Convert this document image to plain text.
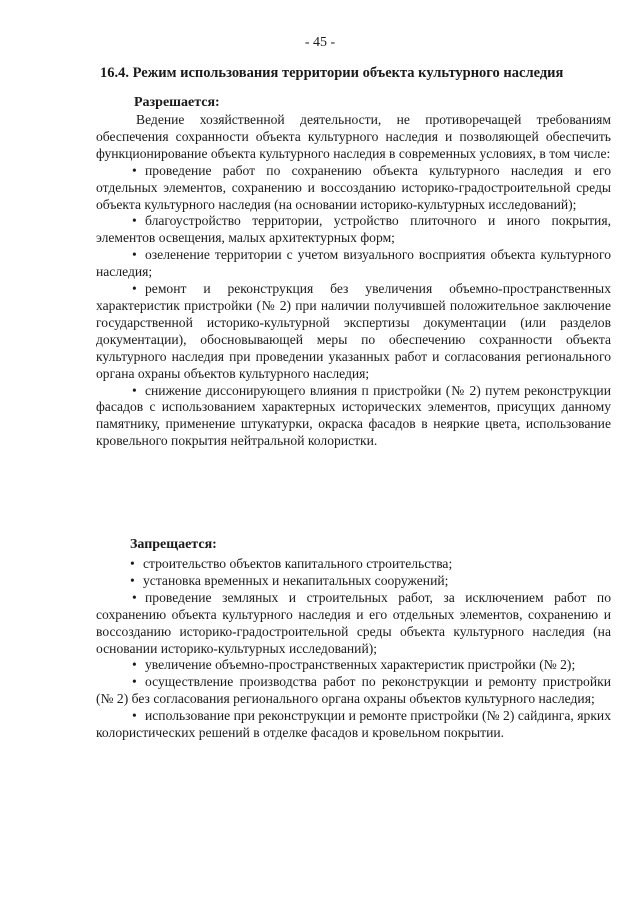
- 45 -
16.4. Режим использования территории объекта культурного наследия
Разрешается:

Ведение хозяйственной деятельности, не противоречащей требованиям обеспечения сохранности объекта культурного наследия и позволяющей обеспечить функционирование объекта культурного наследия в современных условиях, в том числе:

• проведение работ по сохранению объекта культурного наследия и его отдельных элементов, сохранению и воссозданию историко-градостроительной среды объекта культурного наследия (на основании историко-культурных исследований);

• благоустройство территории, устройство плиточного и иного покрытия, элементов освещения, малых архитектурных форм;

• озеленение территории с учетом визуального восприятия объекта культурного наследия;

• ремонт и реконструкция без увеличения объемно-пространственных характеристик пристройки (№ 2) при наличии получившей положительное заключение государственной историко-культурной экспертизы документации (или разделов документации), обосновывающей меры по обеспечению сохранности объекта культурного наследия при проведении указанных работ и согласования регионального органа охраны объектов культурного наследия;

• снижение диссонирующего влияния п пристройки (№ 2) путем реконструкции фасадов с использованием характерных исторических элементов, присущих данному памятнику, применение штукатурки, окраска фасадов в неяркие цвета, использование кровельного покрытия нейтральной колористки.

Запрещается:

• строительство объектов капитального строительства;

• установка временных и некапитальных сооружений;

• проведение земляных и строительных работ, за исключением работ по сохранению объекта культурного наследия и его отдельных элементов, сохранению и воссозданию историко-градостроительной среды объекта культурного наследия (на основании историко-культурных исследований);

• увеличение объемно-пространственных характеристик пристройки (№ 2);

• осуществление производства работ по реконструкции и ремонту пристройки (№ 2) без согласования регионального органа охраны объектов культурного наследия;

• использование при реконструкции и ремонте пристройки (№ 2) сайдинга, ярких колористических решений в отделке фасадов и кровельном покрытии.
